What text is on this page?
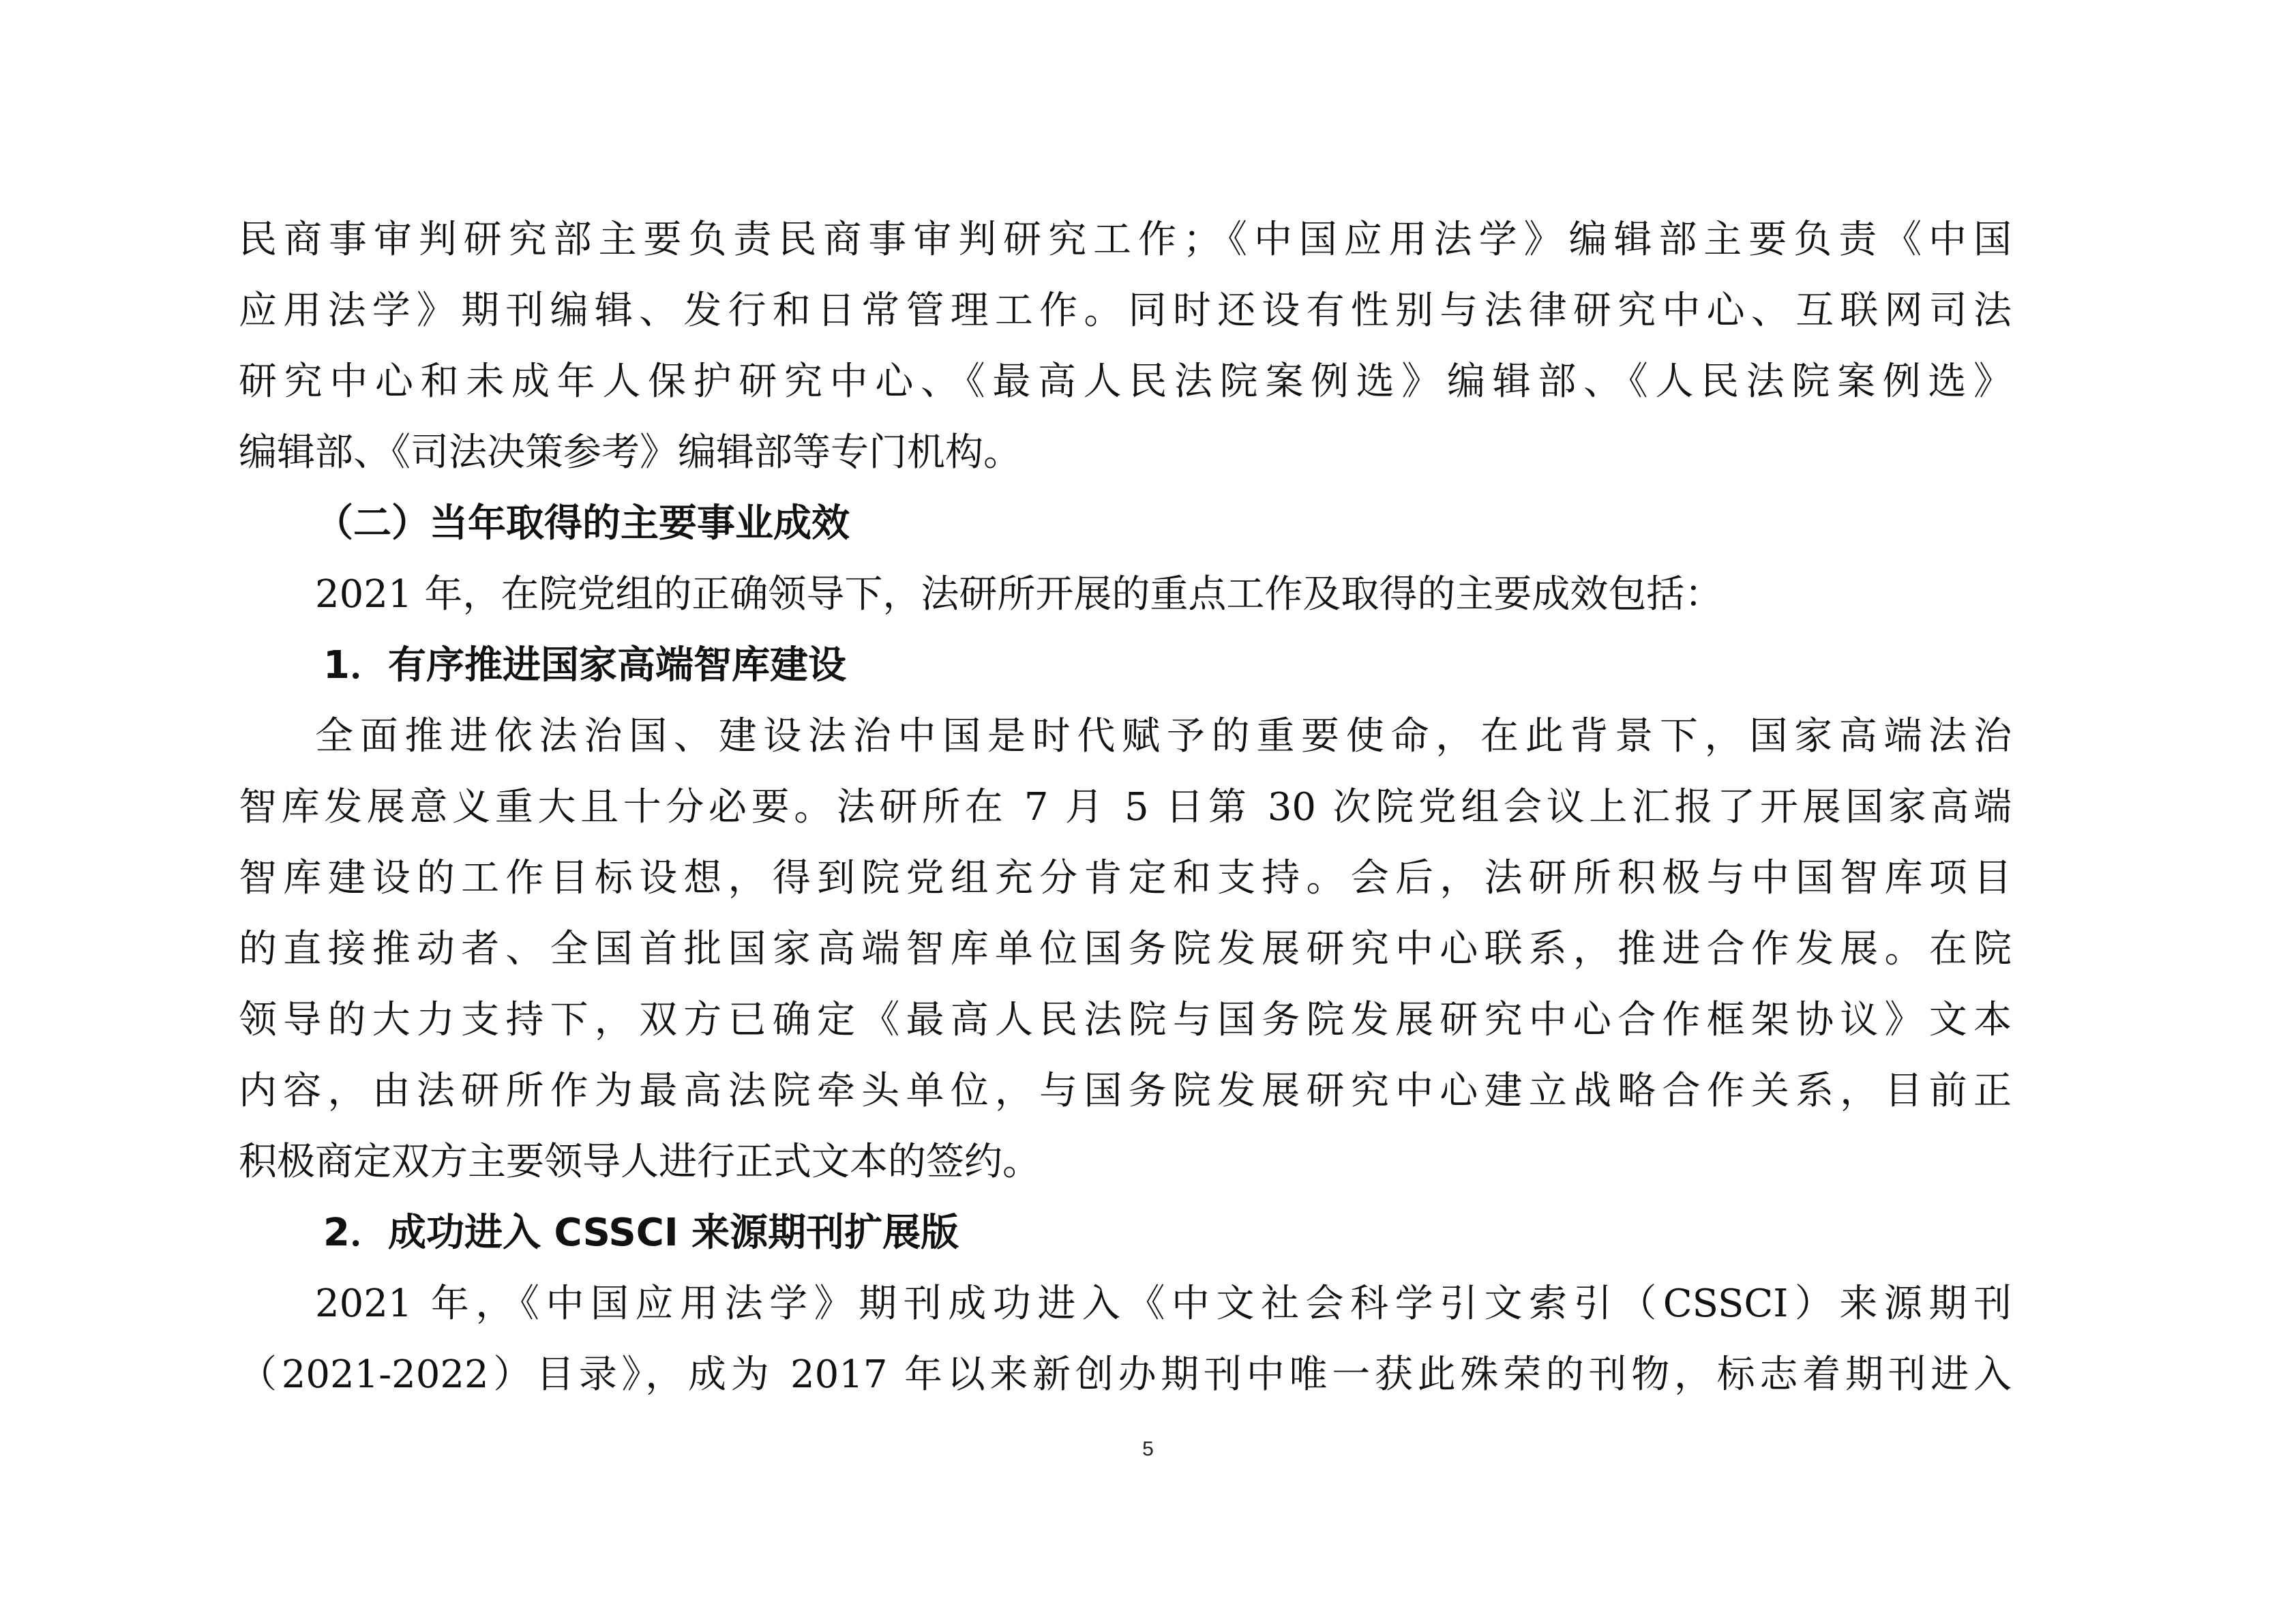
民商事审判研究部主要负责民商事审判研究工作；《中国应用法学》编辑部主要负责《中国
应用法学》期刊编辑、发行和日常管理工作。同时还设有性别与法律研究中心、互联网司法
研究中心和未成年人保护研究中心、《最高人民法院案例选》编辑部、《人民法院案例选》
编辑部、《司法决策参考》编辑部等专门机构。
（二）当年取得的主要事业成效
2021 年，在院党组的正确领导下，法研所开展的重点工作及取得的主要成效包括：
1．有序推进国家高端智库建设
全面推进依法治国、建设法治中国是时代赋予的重要使命，在此背景下，国家高端法治
智库发展意义重大且十分必要。法研所在 7 月 5 日第 30 次院党组会议上汇报了开展国家高端
智库建设的工作目标设想，得到院党组充分肯定和支持。会后，法研所积极与中国智库项目
的直接推动者、全国首批国家高端智库单位国务院发展研究中心联系，推进合作发展。在院
领导的大力支持下，双方已确定《最高人民法院与国务院发展研究中心合作框架协议》文本
内容，由法研所作为最高法院牵头单位，与国务院发展研究中心建立战略合作关系，目前正
积极商定双方主要领导人进行正式文本的签约。
2．成功进入 CSSCI 来源期刊扩展版
2021 年，《中国应用法学》期刊成功进入《中文社会科学引文索引（CSSCI）来源期刊
（2021-2022）目录》，成为 2017 年以来新创办期刊中唯一获此殊荣的刊物，标志着期刊进入
5
